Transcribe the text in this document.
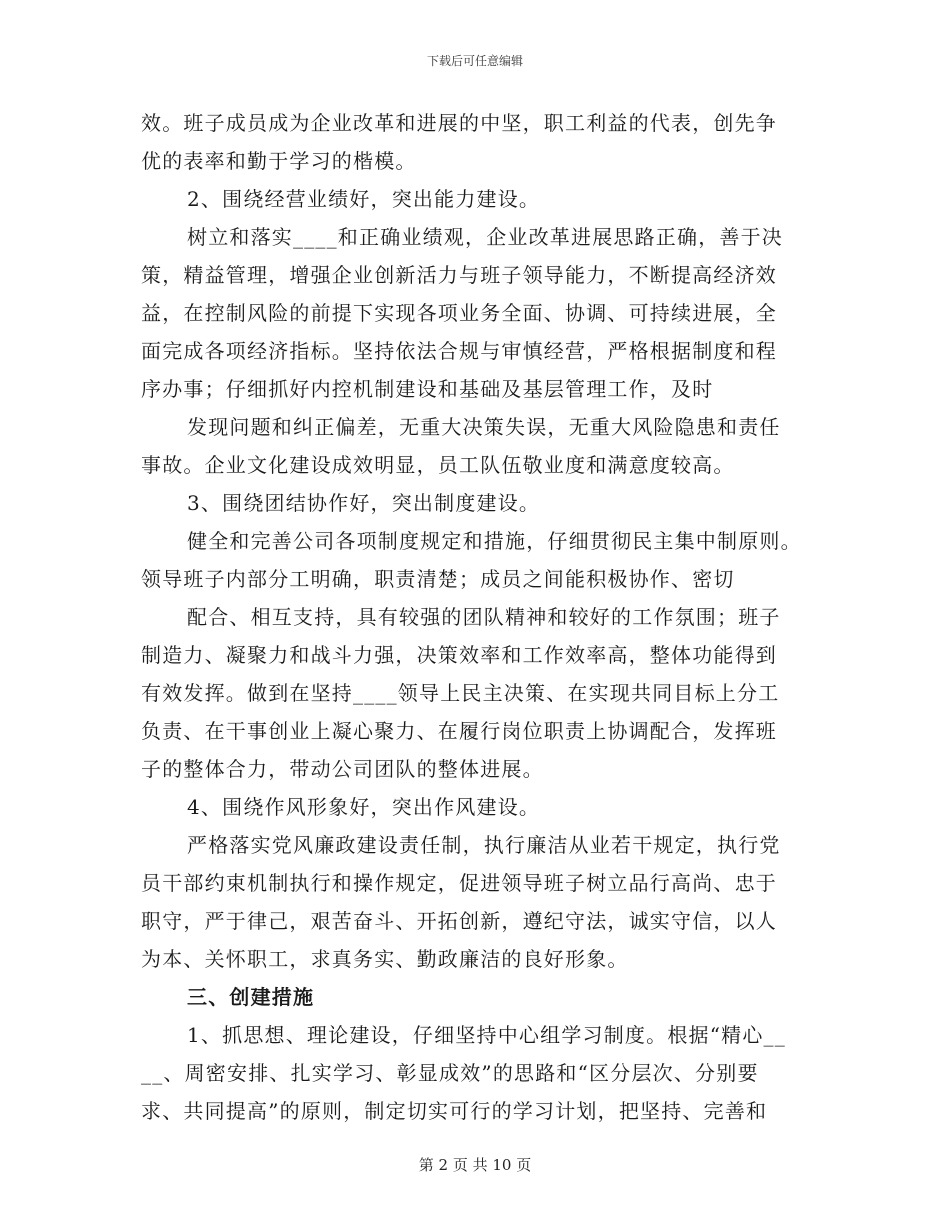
下载后可任意编辑
效。班子成员成为企业改革和进展的中坚，职工利益的代表，创先争
优的表率和勤于学习的楷模。
2、围绕经营业绩好，突出能力建设。
树立和落实____和正确业绩观，企业改革进展思路正确，善于决
策，精益管理，增强企业创新活力与班子领导能力，不断提高经济效
益，在控制风险的前提下实现各项业务全面、协调、可持续进展，全
面完成各项经济指标。坚持依法合规与审慎经营，严格根据制度和程
序办事；仔细抓好内控机制建设和基础及基层管理工作，及时
发现问题和纠正偏差，无重大决策失误，无重大风险隐患和责任
事故。企业文化建设成效明显，员工队伍敬业度和满意度较高。
3、围绕团结协作好，突出制度建设。
健全和完善公司各项制度规定和措施，仔细贯彻民主集中制原则。
领导班子内部分工明确，职责清楚；成员之间能积极协作、密切
配合、相互支持，具有较强的团队精神和较好的工作氛围；班子
制造力、凝聚力和战斗力强，决策效率和工作效率高，整体功能得到
有效发挥。做到在坚持____领导上民主决策、在实现共同目标上分工
负责、在干事创业上凝心聚力、在履行岗位职责上协调配合，发挥班
子的整体合力，带动公司团队的整体进展。
4、围绕作风形象好，突出作风建设。
严格落实党风廉政建设责任制，执行廉洁从业若干规定，执行党
员干部约束机制执行和操作规定，促进领导班子树立品行高尚、忠于
职守，严于律己，艰苦奋斗、开拓创新，遵纪守法，诚实守信，以人
为本、关怀职工，求真务实、勤政廉洁的良好形象。
三、创建措施
1、抓思想、理论建设，仔细坚持中心组学习制度。根据“精心__
__、周密安排、扎实学习、彰显成效”的思路和“区分层次、分别要
求、共同提高”的原则，制定切实可行的学习计划，把坚持、完善和
第 2 页 共 10 页
